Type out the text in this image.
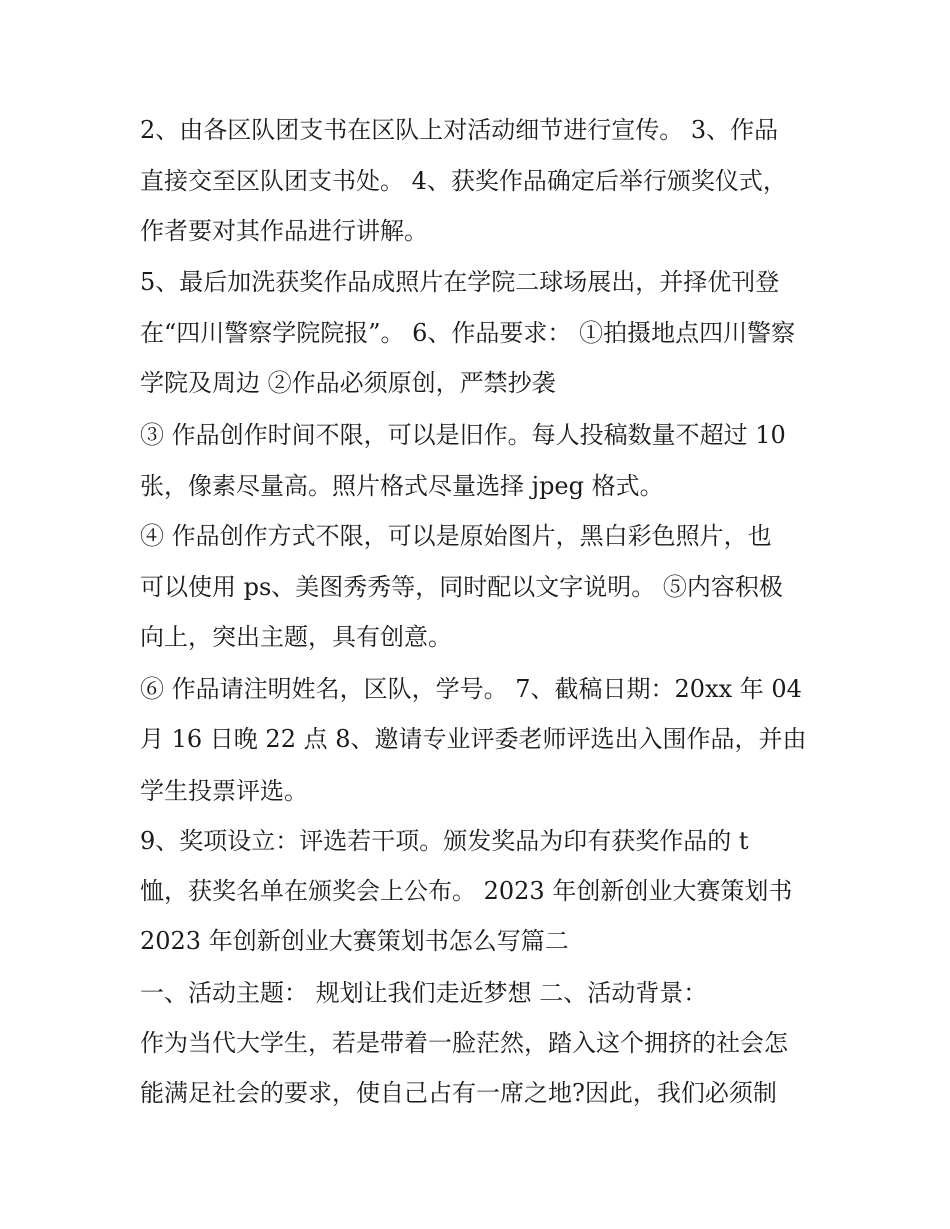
2、由各区队团支书在区队上对活动细节进行宣传。 3、作品
直接交至区队团支书处。 4、获奖作品确定后举行颁奖仪式，
作者要对其作品进行讲解。
5、最后加洗获奖作品成照片在学院二球场展出，并择优刊登
在“四川警察学院院报”。 6、作品要求： ①拍摄地点四川警察
学院及周边 ②作品必须原创，严禁抄袭
③ 作品创作时间不限，可以是旧作。每人投稿数量不超过 10
张，像素尽量高。照片格式尽量选择 jpeg 格式。
④ 作品创作方式不限，可以是原始图片，黑白彩色照片，也
可以使用 ps、美图秀秀等，同时配以文字说明。 ⑤内容积极
向上，突出主题，具有创意。
⑥ 作品请注明姓名，区队，学号。 7、截稿日期：20xx 年 04
月 16 日晚 22 点 8、邀请专业评委老师评选出入围作品，并由
学生投票评选。
9、奖项设立：评选若干项。颁发奖品为印有获奖作品的 t
恤，获奖名单在颁奖会上公布。 2023 年创新创业大赛策划书
2023 年创新创业大赛策划书怎么写篇二
一、活动主题： 规划让我们走近梦想 二、活动背景：
作为当代大学生，若是带着一脸茫然，踏入这个拥挤的社会怎
能满足社会的要求，使自己占有一席之地?因此，我们必须制
